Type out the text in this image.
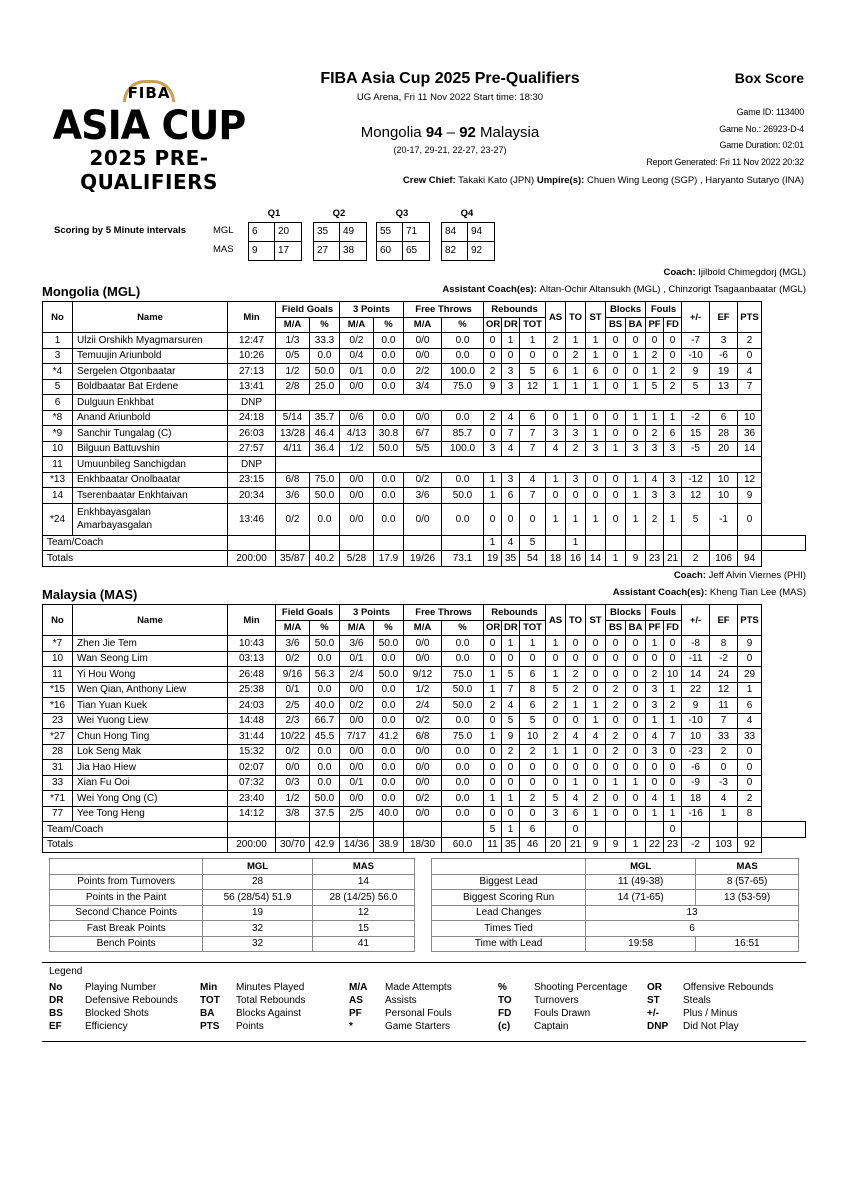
FIBA
ASIA CUP
2025 PRE-QUALIFIERS
FIBA Asia Cup 2025 Pre-Qualifiers
UG Arena, Fri 11 Nov 2022 Start time: 18:30
Mongolia 94 – 92 Malaysia
(20-17, 29-21, 22-27, 23-27)
Box Score
Game ID: 113400
Game No.: 26923-D-4
Game Duration: 02:01
Report Generated: Fri 11 Nov 2022 20:32
Crew Chief: Takaki Kato (JPN) Umpire(s): Chuen Wing Leong (SGP) , Haryanto Sutaryo (INA)
Scoring by 5 Minute intervals
Q1	Q2	Q3	Q4
MGL	6	20	35	49	55	71	84	94
MAS	9	17	27	38	60	65	82	92
Coach: Ijilbold Chimegdorj (MGL)
Assistant Coach(es): Altan-Ochir Altansukh (MGL) , Chinzorigt Tsagaanbaatar (MGL)
Mongolia (MGL)
No	Name	Min	Field Goals		3 Points		Free Throws		Rebounds			AS	TO	ST	Blocks		Fouls		+/-	EF	PTS	
			M/A	%	M/A	%	M/A	%	OR	DR	TOT				BS	BA	PF	FD				
1	Ulzii Orshikh Myagmarsuren	12:47	1/3	33.3	0/2	0.0	0/0	0.0	0	1	1	2	1	1	0	0	0	0	-7	3	2	
3	Temuujin Ariunbold	10:26	0/5	0.0	0/4	0.0	0/0	0.0	0	0	0	0	2	1	0	1	2	0	-10	-6	0	
*4	Sergelen Otgonbaatar	27:13	1/2	50.0	0/1	0.0	2/2	100.0	2	3	5	6	1	6	0	0	1	2	9	19	4	
5	Boldbaatar Bat Erdene	13:41	2/8	25.0	0/0	0.0	3/4	75.0	9	3	12	1	1	1	0	1	5	2	5	13	7	
6	Dulguun Enkhbat	DNP																				
*8	Anand Ariunbold	24:18	5/14	35.7	0/6	0.0	0/0	0.0	2	4	6	0	1	0	0	1	1	1	-2	6	10	
*9	Sanchir Tungalag (C)	26:03	13/28	46.4	4/13	30.8	6/7	85.7	0	7	7	3	3	1	0	0	2	6	15	28	36	
10	Bilguun Battuvshin	27:57	4/11	36.4	1/2	50.0	5/5	100.0	3	4	7	4	2	3	1	3	3	3	-5	20	14	
11	Umuunbileg Sanchigdan	DNP																				
*13	Enkhbaatar Onolbaatar	23:15	6/8	75.0	0/0	0.0	0/2	0.0	1	3	4	1	3	0	0	1	4	3	-12	10	12	
14	Tserenbaatar Enkhtaivan	20:34	3/6	50.0	0/0	0.0	3/6	50.0	1	6	7	0	0	0	0	1	3	3	12	10	9	
*24	Enkhbayasgalan Amarbayasgalan	13:46	0/2	0.0	0/0	0.0	0/0	0.0	0	0	0	1	1	1	0	1	2	1	5	-1	0	
Team/Coach									1	4	5		1									
Totals		200:00	35/87	40.2	5/28	17.9	19/26	73.1	19	35	54	18	16	14	1	9	23	21	2	106	94	
Coach: Jeff Alvin Viernes (PHI)
Assistant Coach(es): Kheng Tian Lee (MAS)
Malaysia (MAS)
No	Name	Min	Field Goals		3 Points		Free Throws		Rebounds			AS	TO	ST	Blocks		Fouls		+/-	EF	PTS	
			M/A	%	M/A	%	M/A	%	OR	DR	TOT				BS	BA	PF	FD				
*7	Zhen Jie Tem	10:43	3/6	50.0	3/6	50.0	0/0	0.0	0	1	1	1	0	0	0	0	1	0	-8	8	9	
10	Wan Seong Lim	03:13	0/2	0.0	0/1	0.0	0/0	0.0	0	0	0	0	0	0	0	0	0	0	-11	-2	0	
11	Yi Hou Wong	26:48	9/16	56.3	2/4	50.0	9/12	75.0	1	5	6	1	2	0	0	0	2	10	14	24	29	
*15	Wen Qian, Anthony Liew	25:38	0/1	0.0	0/0	0.0	1/2	50.0	1	7	8	5	2	0	2	0	3	1	22	12	1	
*16	Tian Yuan Kuek	24:03	2/5	40.0	0/2	0.0	2/4	50.0	2	4	6	2	1	1	2	0	3	2	9	11	6	
23	Wei Yuong Liew	14:48	2/3	66.7	0/0	0.0	0/2	0.0	0	5	5	0	0	1	0	0	1	1	-10	7	4	
*27	Chun Hong Ting	31:44	10/22	45.5	7/17	41.2	6/8	75.0	1	9	10	2	4	4	2	0	4	7	10	33	33	
28	Lok Seng Mak	15:32	0/2	0.0	0/0	0.0	0/0	0.0	0	2	2	1	1	0	2	0	3	0	-23	2	0	
31	Jia Hao Hiew	02:07	0/0	0.0	0/0	0.0	0/0	0.0	0	0	0	0	0	0	0	0	0	0	-6	0	0	
33	Xian Fu Ooi	07:32	0/3	0.0	0/1	0.0	0/0	0.0	0	0	0	0	1	0	1	1	0	0	-9	-3	0	
*71	Wei Yong Ong (C)	23:40	1/2	50.0	0/0	0.0	0/2	0.0	1	1	2	5	4	2	0	0	4	1	18	4	2	
77	Yee Tong Heng	14:12	3/8	37.5	2/5	40.0	0/0	0.0	0	0	0	3	6	1	0	0	1	1	-16	1	8	
Team/Coach									5	1	6		0					0				
Totals		200:00	30/70	42.9	14/36	38.9	18/30	60.0	11	35	46	20	21	9	9	1	22	23	-2	103	92	
	MGL	MAS
Points from Turnovers	28	14
Points in the Paint	56 (28/54) 51.9	28 (14/25) 56.0
Second Chance Points	19	12
Fast Break Points	32	15
Bench Points	32	41
	MGL	MAS
Biggest Lead	11 (49-38)	8 (57-65)
Biggest Scoring Run	14 (71-65)	13 (53-59)
Lead Changes	13	
Times Tied	6	
Time with Lead	19:58	16:51
Legend
No Playing Number
DR Defensive Rebounds
BS Blocked Shots
EF Efficiency
Min Minutes Played
TOT Total Rebounds
BA Blocks Against
PTS Points
M/A Made Attempts
AS Assists
PF Personal Fouls
*	Game Starters
%	Shooting Percentage
TO Turnovers
FD Fouls Drawn
(c) Captain
OR Offensive Rebounds
ST Steals
+/- Plus / Minus
DNP Did Not Play
